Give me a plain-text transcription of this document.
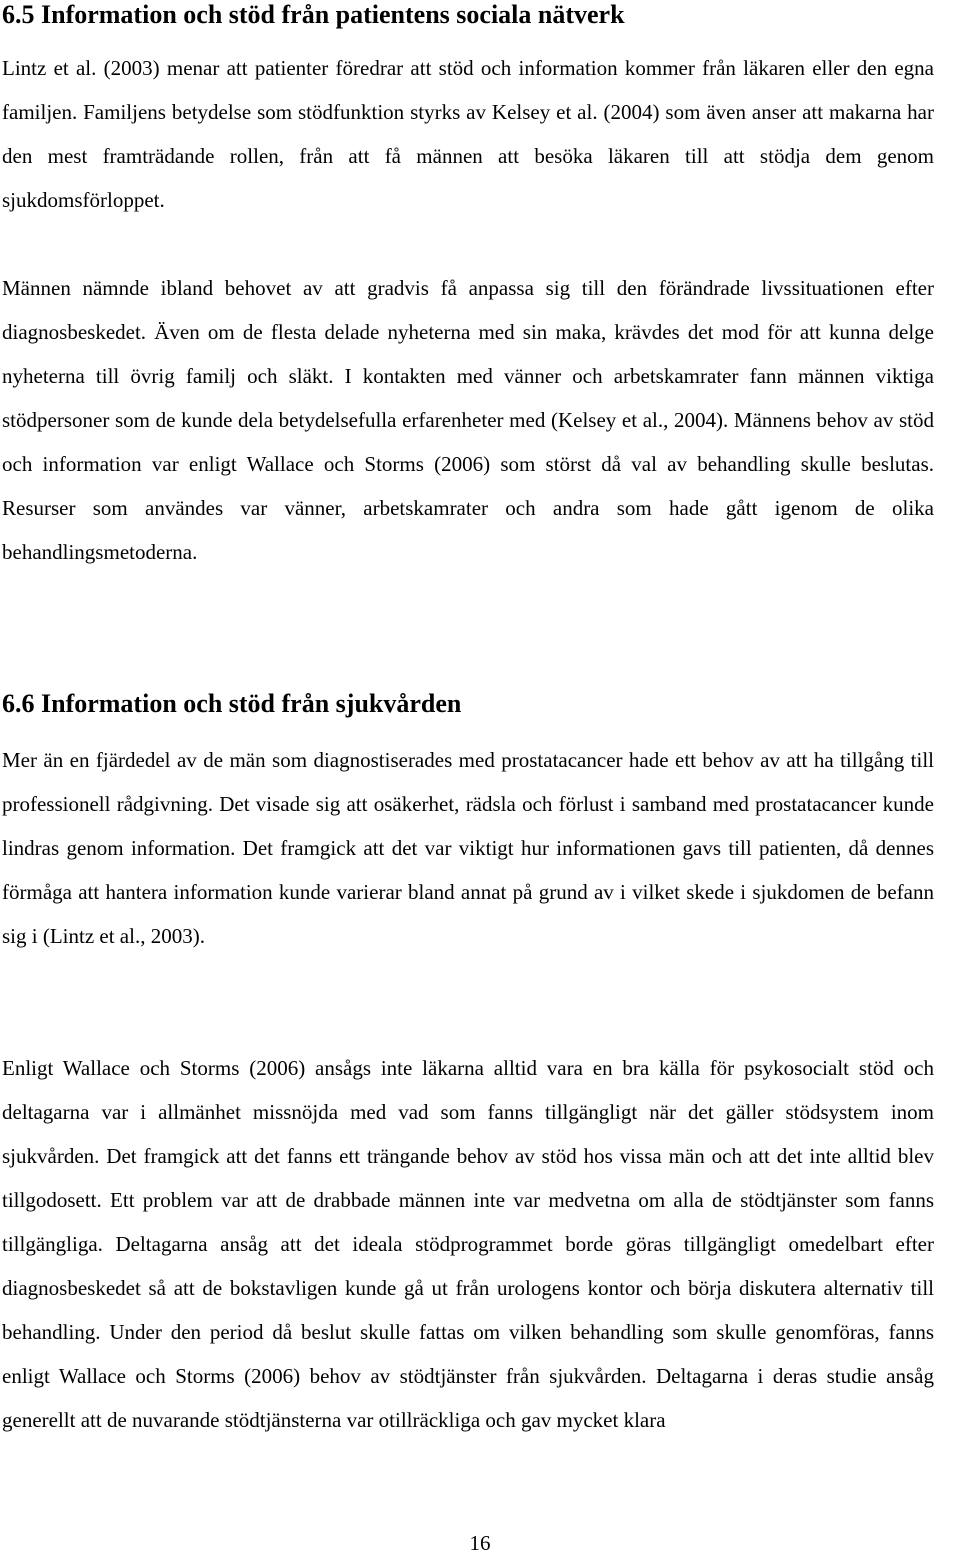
6.5 Information och stöd från patientens sociala nätverk

Lintz et al. (2003) menar att patienter föredrar att stöd och information kommer från läkaren eller den egna familjen. Familjens betydelse som stödfunktion styrks av Kelsey et al. (2004) som även anser att makarna har den mest framträdande rollen, från att få männen att besöka läkaren till att stödja dem genom sjukdomsförloppet.

Männen nämnde ibland behovet av att gradvis få anpassa sig till den förändrade livssituationen efter diagnosbeskedet. Även om de flesta delade nyheterna med sin maka, krävdes det mod för att kunna delge nyheterna till övrig familj och släkt. I kontakten med vänner och arbetskamrater fann männen viktiga stödpersoner som de kunde dela betydelsefulla erfarenheter med (Kelsey et al., 2004). Männens behov av stöd och information var enligt Wallace och Storms (2006) som störst då val av behandling skulle beslutas. Resurser som användes var vänner, arbetskamrater och andra som hade gått igenom de olika behandlingsmetoderna.

6.6 Information och stöd från sjukvården

Mer än en fjärdedel av de män som diagnostiserades med prostatacancer hade ett behov av att ha tillgång till professionell rådgivning. Det visade sig att osäkerhet, rädsla och förlust i samband med prostatacancer kunde lindras genom information. Det framgick att det var viktigt hur informationen gavs till patienten, då dennes förmåga att hantera information kunde varierar bland annat på grund av i vilket skede i sjukdomen de befann sig i (Lintz et al., 2003).

Enligt Wallace och Storms (2006) ansågs inte läkarna alltid vara en bra källa för psykosocialt stöd och deltagarna var i allmänhet missnöjda med vad som fanns tillgängligt när det gäller stödsystem inom sjukvården. Det framgick att det fanns ett trängande behov av stöd hos vissa män och att det inte alltid blev tillgodosett. Ett problem var att de drabbade männen inte var medvetna om alla de stödtjänster som fanns tillgängliga. Deltagarna ansåg att det ideala stödprogrammet borde göras tillgängligt omedelbart efter diagnosbeskedet så att de bokstavligen kunde gå ut från urologens kontor och börja diskutera alternativ till behandling. Under den period då beslut skulle fattas om vilken behandling som skulle genomföras, fanns enligt Wallace och Storms (2006) behov av stödtjänster från sjukvården. Deltagarna i deras studie ansåg generellt att de nuvarande stödtjänsterna var otillräckliga och gav mycket klara

16
